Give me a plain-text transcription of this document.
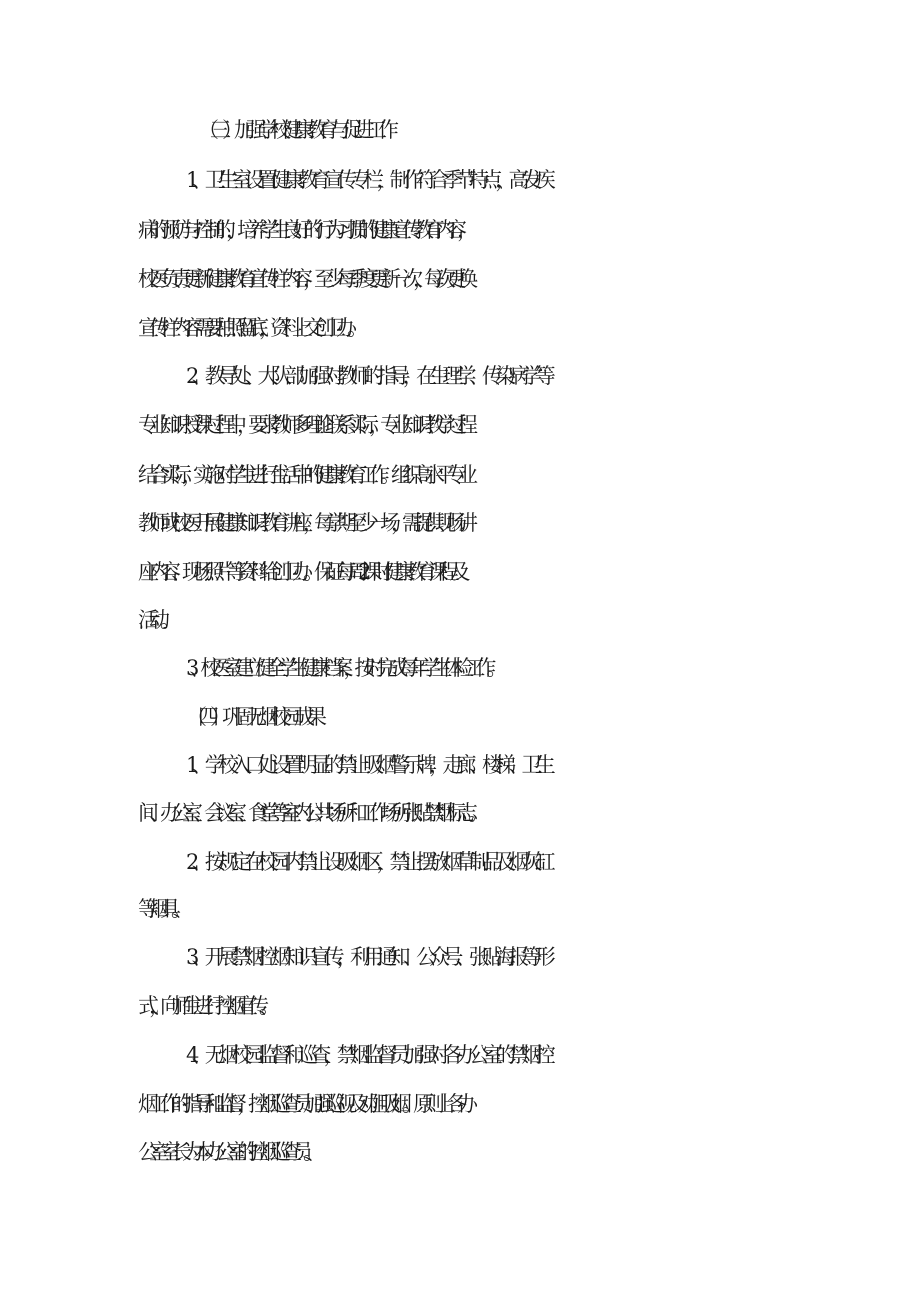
（三）加强学校健康教育与促进工作

1、卫生室设置健康教育宣传专栏，制作符合季节特点，高发疾

病的预防与控制的，培养学生良好的行为习惯的健康宣传教育内容，

校医负责更新健康教育宣传栏内容，至少每季度更新一次，每次更换

宣传栏内容需要拍照留底，资料上交创卫办。

2、教导处、大队部加强对教师的指导，在生理学、传染病学等

专业知识授课过程中，要求教师多理论联系实际，专业知识教学过程

结合实际，实施对学生进行生活中的健康教育工作。组织高水平专业

教师或校医开展健康知识教育讲座，每学期至少一场，需提供现场讲

座内容、现场照片等资料给创卫办。保证每周2课时健康教育课程及

活动。

3、校医室建立健全学生健康档案，按时完成每年学生体检工作。

（四）巩固无烟校园成果

1、学校入口处设置明显的禁止吸烟警示牌，走廊、楼梯、卫生

间、办公室、会议室、食堂等室内公共场所和工作场所张贴禁烟标志。

2、按规定在校园内禁止设吸烟区，禁止摆放烟草制品及烟灰缸

等烟具。

3、开展禁烟控烟知识宣传，利用通知、公众号、张贴海报等形

式，向师生进行控烟宣传。

4、无烟校园监督和巡查，禁烟监督员加强对各办公室的禁烟控

烟工作的指导和监督，控烟巡查员加强巡视及劝阻吸烟。原则上各办

公室室长为本办公室的控烟巡查员。
